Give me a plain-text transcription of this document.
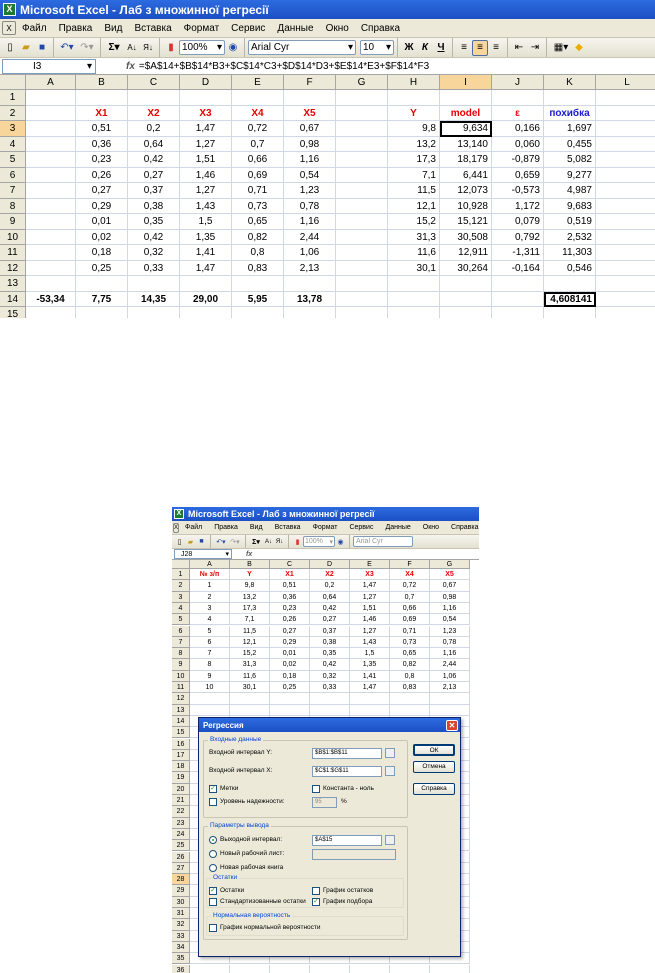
X Microsoft Excel - Лаб з множинної регресії
X	Файл	Правка	Вид	Вставка	Формат	Сервис	Данные	Окно	Справка
▯ ▰ ■	↶▾ ↷▾	Σ▾ A↓ Я↓	▮ 100% ▾ ◉	Arial Cyr	▾ 10 ▾	Ж К Ч	≡	≡	≡	⇤ ⇥	▦▾ ◆
I3	▾	fx =$A$14+$B$14*B3+$C$14*C3+$D$14*D3+$E$14*E3+$F$14*F3
A	B	C	D	E	F	G	H	I	J	K	L
1
2
3
4
5
6
7
8
9
10
11
12
13
14
15
X1	X2	X3	X4	X5	Y	model	ε	похибка
0,51	0,2	1,47	0,72	0,67	9,8	9,634	0,166	1,697
0,36	0,64	1,27	0,7	0,98	13,2	13,140	0,060	0,455
0,23	0,42	1,51	0,66	1,16	17,3	18,179	-0,879	5,082
0,26	0,27	1,46	0,69	0,54	7,1	6,441	0,659	9,277
0,27	0,37	1,27	0,71	1,23	11,5	12,073	-0,573	4,987
0,29	0,38	1,43	0,73	0,78	12,1	10,928	1,172	9,683
0,01	0,35	1,5	0,65	1,16	15,2	15,121	0,079	0,519
0,02	0,42	1,35	0,82	2,44	31,3	30,508	0,792	2,532
0,18	0,32	1,41	0,8	1,06	11,6	12,911	-1,311	11,303
0,25	0,33	1,47	0,83	2,13	30,1	30,264	-0,164	0,546
-53,34	7,75	14,35	29,00	5,95	13,78	4,608141
X Microsoft Excel - Лаб з множинної регресії
X	Файл	Правка	Вид	Вставка	Формат	Сервис	Данные	Окно	Справка
▯ ▰ ■	↶▾ ↷▾	Σ▾ A↓ Я↓	▮ 100% ▾ ◉	Arial Cyr
J28	▾ fx
A	B	C	D	E	F	G
1	№ з/п	Y	X1	X2	X3	X4	X5
2	1	9,8	0,51	0,2	1,47	0,72	0,67
3	2	13,2	0,36	0,64	1,27	0,7	0,98
4	3	17,3	0,23	0,42	1,51	0,66	1,16
5	4	7,1	0,26	0,27	1,46	0,69	0,54
6	5	11,5	0,27	0,37	1,27	0,71	1,23
7	6	12,1	0,29	0,38	1,43	0,73	0,78
8	7	15,2	0,01	0,35	1,5	0,65	1,16
9	8	31,3	0,02	0,42	1,35	0,82	2,44
10	9	11,6	0,18	0,32	1,41	0,8	1,06
11	10	30,1	0,25	0,33	1,47	0,83	2,13
12
13
14
15
16
17
18
19
20
21
22
23
24
25
26
27
28
29
30
31
32
33
34
35
36
Регрессия	✕
Входные данные
Входной интервал Y:	$B$1:$B$11
Входной интервал X:	$C$1:$G$11
✓ Метки	Константа - ноль
Уровень надежности:	95	%
ОК
Отмена
Справка
Параметры вывода
Выходной интервал:	$A$15
Новый рабочий лист:
Новая рабочая книга
Остатки
✓ Остатки	График остатков
Стандартизованные остатки ✓ График подбора
Нормальная вероятность
График нормальной вероятности
